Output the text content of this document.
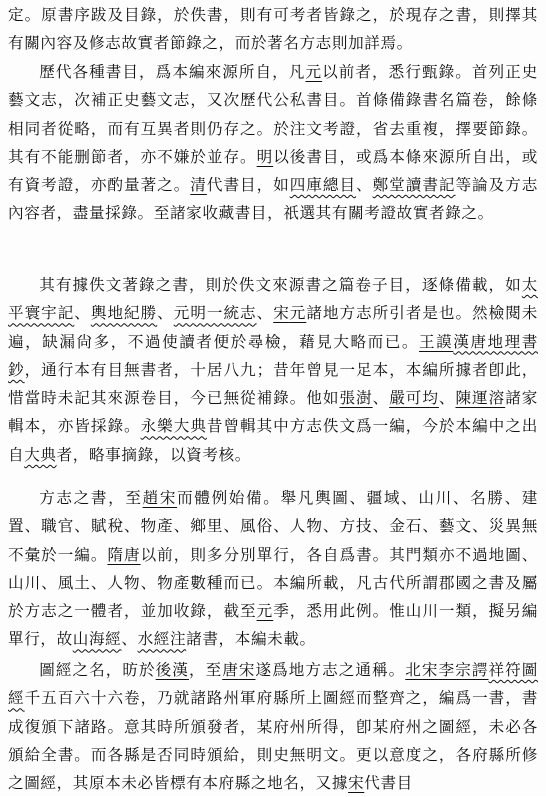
定。原書序跋及目錄，於佚書，則有可考者皆錄之，於現存之書，則擇其有關內容及修志故實者節錄之，而於著名方志則加詳焉。

歷代各種書目，爲本編來源所自，凡元以前者，悉行甄錄。首列正史藝文志，次補正史藝文志，又次歷代公私書目。首條備錄書名篇卷，餘條相同者從略，而有互異者則仍存之。於注文考證，省去重複，擇要節錄。其有不能删節者，亦不嫌於並存。明以後書目，或爲本條來源所自出，或有資考證，亦酌量著之。清代書目，如四庫總目、鄭堂讀書記等論及方志內容者，盡量採錄。至諸家收藏書目，祇選其有關考證故實者錄之。

其有據佚文著錄之書，則於佚文來源書之篇卷子目，逐條備載，如太平寰宇記、輿地紀勝、元明一統志、宋元諸地方志所引者是也。然檢閱未遍，缺漏尙多，不過使讀者便於尋檢，藉見大略而已。王謨漢唐地理書鈔，通行本有目無書者，十居八九；昔年曾見一足本，本編所據者卽此，惜當時未記其來源卷目，今已無從補錄。他如張澍、嚴可均、陳運溶諸家輯本，亦皆採錄。永樂大典昔曾輯其中方志佚文爲一編，今於本編中之出自大典者，略事摘錄，以資考核。

方志之書，至趙宋而體例始備。舉凡輿圖、疆域、山川、名勝、建置、職官、賦稅、物產、鄉里、風俗、人物、方技、金石、藝文、災異無不彙於一編。隋唐以前，則多分別單行，各自爲書。其門類亦不過地圖、山川、風土、人物、物產數種而已。本編所載，凡古代所謂郡國之書及屬於方志之一體者，並加收錄，截至元季，悉用此例。惟山川一類，擬另編單行，故山海經、水經注諸書，本編未載。

圖經之名，昉於後漢，至唐宋遂爲地方志之通稱。北宋李宗諤祥符圖經千五百六十六卷，乃就諸路州軍府縣所上圖經而整齊之，編爲一書，書成復頒下諸路。意其時所頒發者，某府州所得，卽某府州之圖經，未必各頒給全書。而各縣是否同時頒給，則史無明文。更以意度之，各府縣所修之圖經，其原本未必皆標有本府縣之地名，又據宋代書目
